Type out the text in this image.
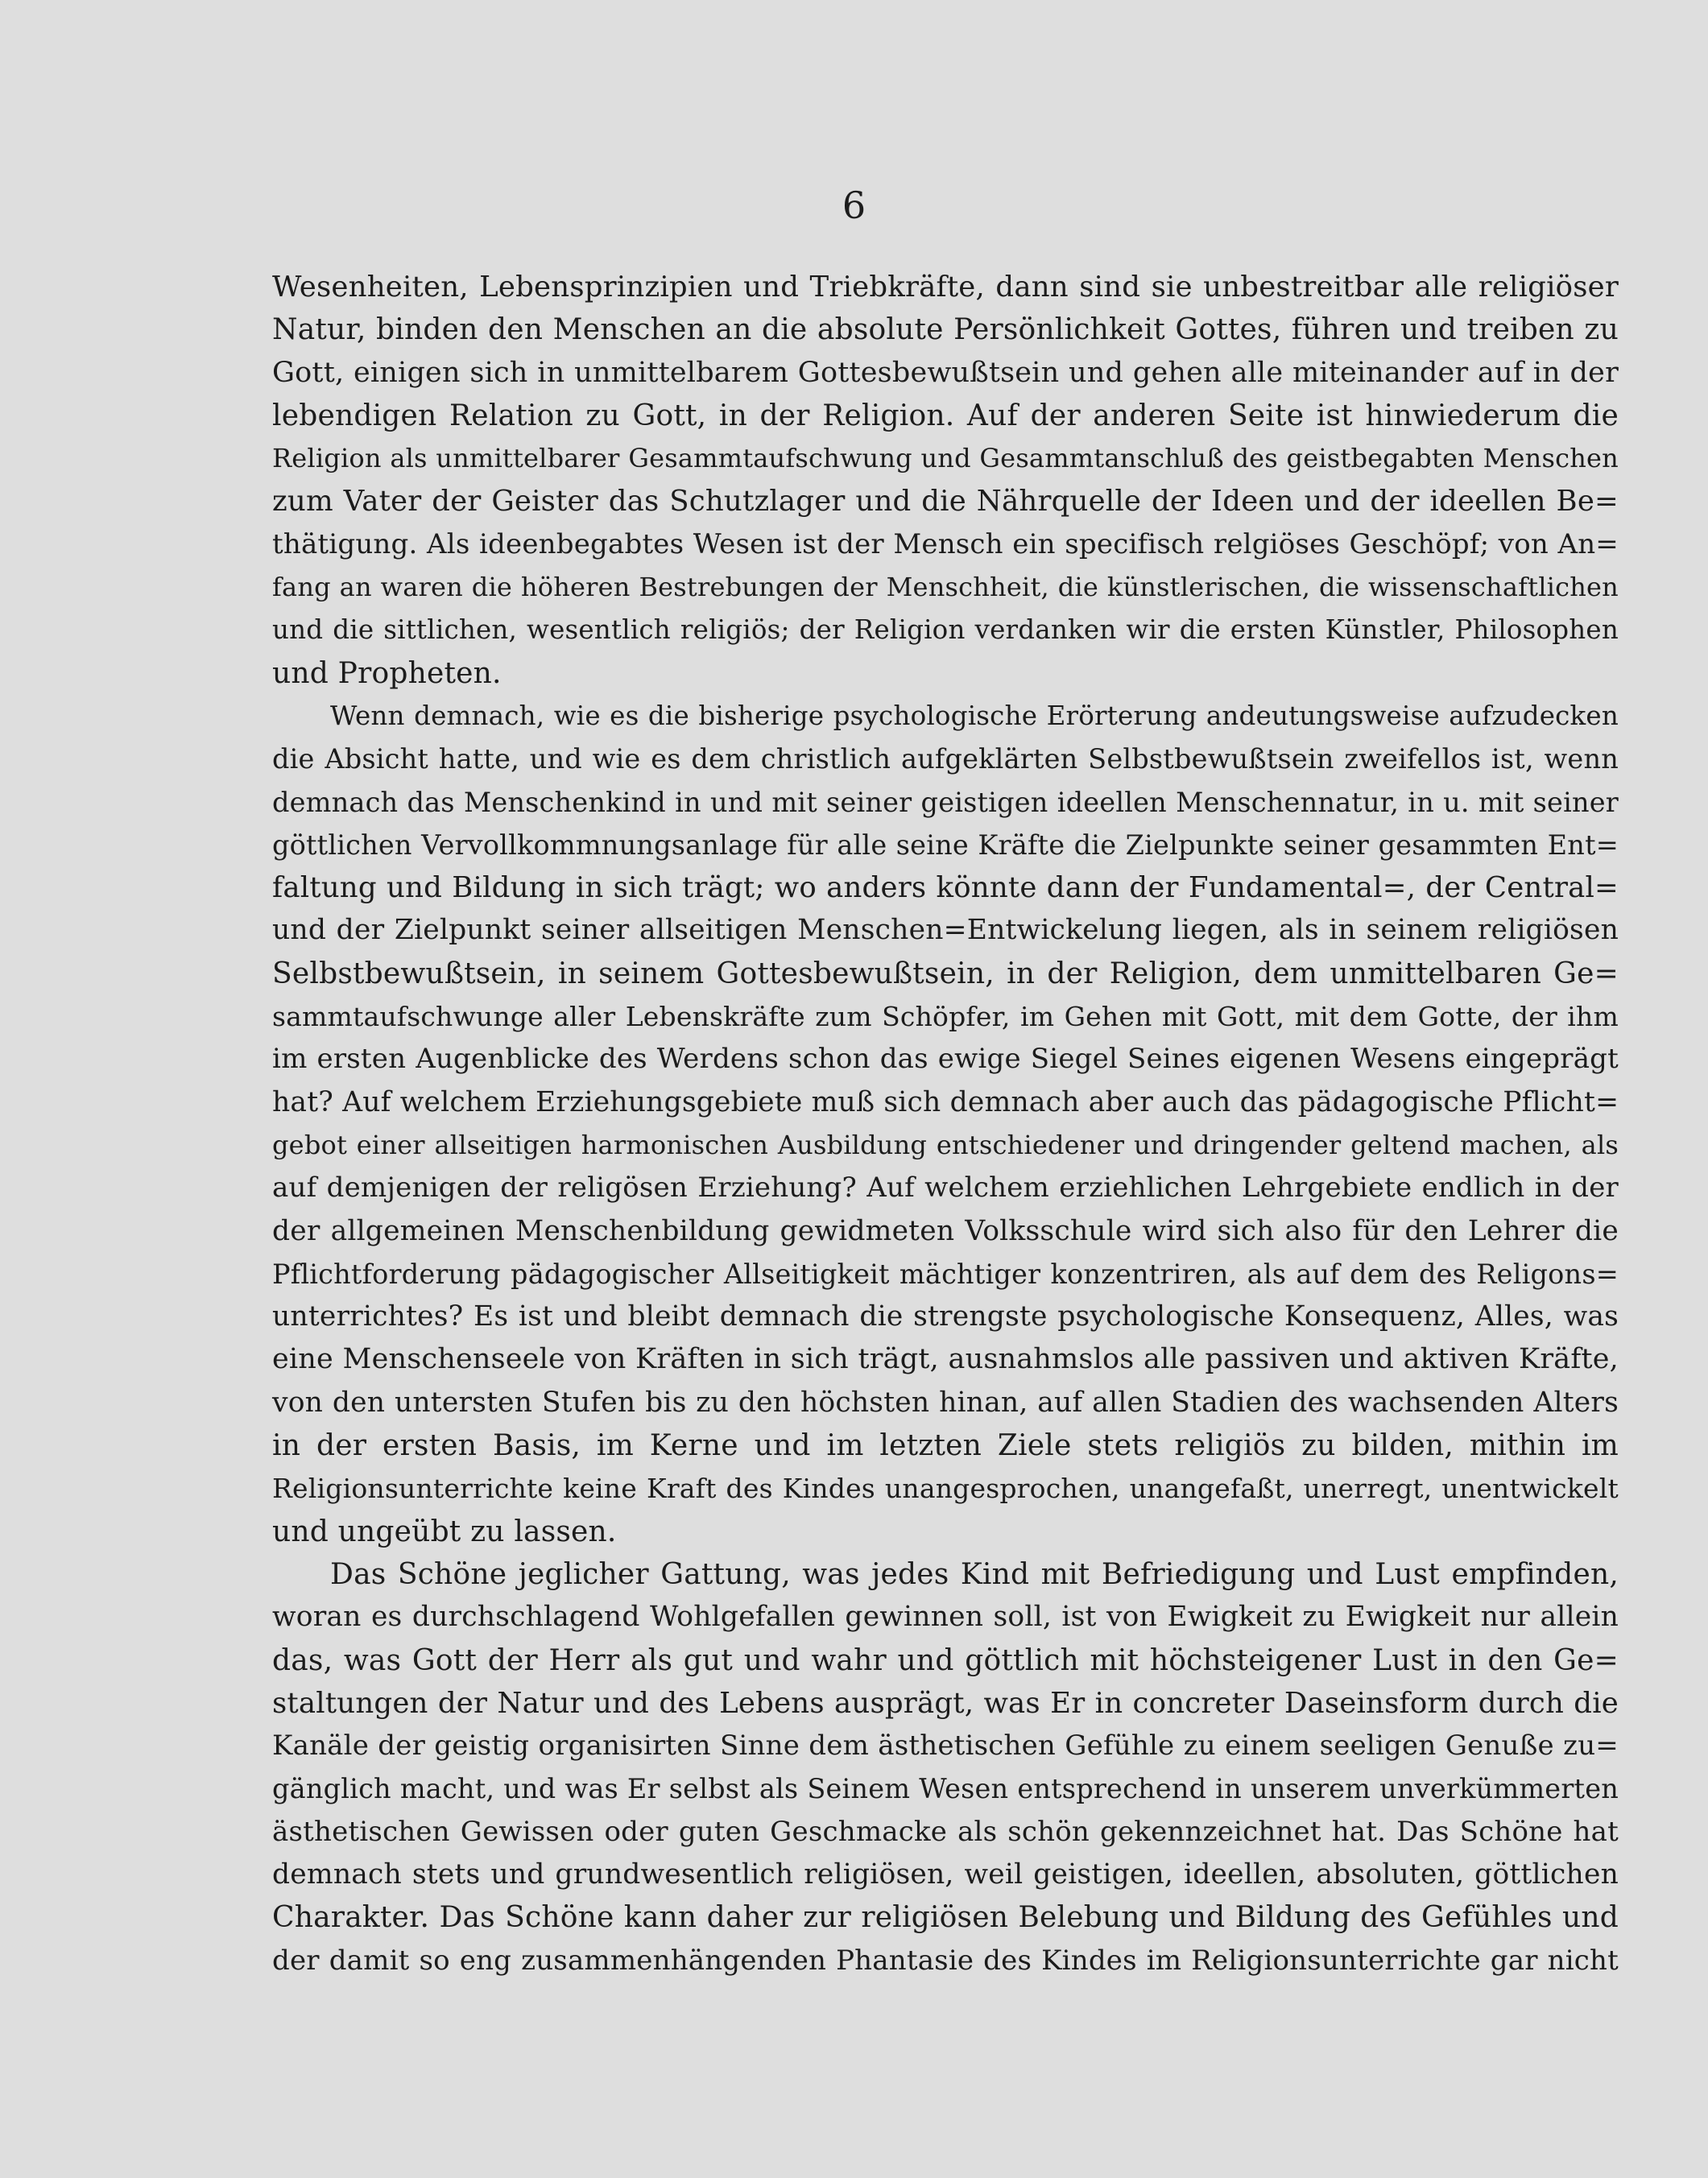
6

Wesenheiten, Lebensprinzipien und Triebkräfte, dann sind sie unbestreitbar alle religiöser
Natur, binden den Menschen an die absolute Persönlichkeit Gottes, führen und treiben zu
Gott, einigen sich in unmittelbarem Gottesbewußtsein und gehen alle miteinander auf in der
lebendigen Relation zu Gott, in der Religion. Auf der anderen Seite ist hinwiederum die
Religion als unmittelbarer Gesammtaufschwung und Gesammtanschluß des geistbegabten Menschen
zum Vater der Geister das Schutzlager und die Nährquelle der Ideen und der ideellen Be=
thätigung. Als ideenbegabtes Wesen ist der Mensch ein specifisch relgiöses Geschöpf; von An=
fang an waren die höheren Bestrebungen der Menschheit, die künstlerischen, die wissenschaftlichen
und die sittlichen, wesentlich religiös; der Religion verdanken wir die ersten Künstler, Philosophen
und Propheten.
Wenn demnach, wie es die bisherige psychologische Erörterung andeutungsweise aufzudecken
die Absicht hatte, und wie es dem christlich aufgeklärten Selbstbewußtsein zweifellos ist, wenn
demnach das Menschenkind in und mit seiner geistigen ideellen Menschennatur, in u. mit seiner
göttlichen Vervollkommnungsanlage für alle seine Kräfte die Zielpunkte seiner gesammten Ent=
faltung und Bildung in sich trägt; wo anders könnte dann der Fundamental=, der Central=
und der Zielpunkt seiner allseitigen Menschen=Entwickelung liegen, als in seinem religiösen
Selbstbewußtsein, in seinem Gottesbewußtsein, in der Religion, dem unmittelbaren Ge=
sammtaufschwunge aller Lebenskräfte zum Schöpfer, im Gehen mit Gott, mit dem Gotte, der ihm
im ersten Augenblicke des Werdens schon das ewige Siegel Seines eigenen Wesens eingeprägt
hat? Auf welchem Erziehungsgebiete muß sich demnach aber auch das pädagogische Pflicht=
gebot einer allseitigen harmonischen Ausbildung entschiedener und dringender geltend machen, als
auf demjenigen der religösen Erziehung? Auf welchem erziehlichen Lehrgebiete endlich in der
der allgemeinen Menschenbildung gewidmeten Volksschule wird sich also für den Lehrer die
Pflichtforderung pädagogischer Allseitigkeit mächtiger konzentriren, als auf dem des Religons=
unterrichtes? Es ist und bleibt demnach die strengste psychologische Konsequenz, Alles, was
eine Menschenseele von Kräften in sich trägt, ausnahmslos alle passiven und aktiven Kräfte,
von den untersten Stufen bis zu den höchsten hinan, auf allen Stadien des wachsenden Alters
in der ersten Basis, im Kerne und im letzten Ziele stets religiös zu bilden, mithin im
Religionsunterrichte keine Kraft des Kindes unangesprochen, unangefaßt, unerregt, unentwickelt
und ungeübt zu lassen.
Das Schöne jeglicher Gattung, was jedes Kind mit Befriedigung und Lust empfinden,
woran es durchschlagend Wohlgefallen gewinnen soll, ist von Ewigkeit zu Ewigkeit nur allein
das, was Gott der Herr als gut und wahr und göttlich mit höchsteigener Lust in den Ge=
staltungen der Natur und des Lebens ausprägt, was Er in concreter Daseinsform durch die
Kanäle der geistig organisirten Sinne dem ästhetischen Gefühle zu einem seeligen Genuße zu=
gänglich macht, und was Er selbst als Seinem Wesen entsprechend in unserem unverkümmerten
ästhetischen Gewissen oder guten Geschmacke als schön gekennzeichnet hat. Das Schöne hat
demnach stets und grundwesentlich religiösen, weil geistigen, ideellen, absoluten, göttlichen
Charakter. Das Schöne kann daher zur religiösen Belebung und Bildung des Gefühles und
der damit so eng zusammenhängenden Phantasie des Kindes im Religionsunterrichte gar nicht
